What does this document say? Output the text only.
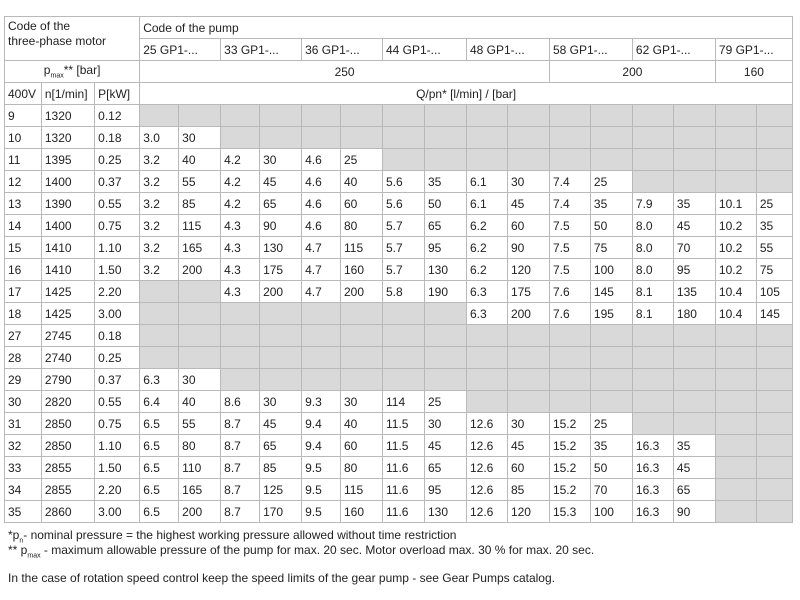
Code of the
three-phase motor			Code of the pump															
			25 GP1-...		33 GP1-...		36 GP1-...		44 GP1-...		48 GP1-...		58 GP1-...		62 GP1-...		79 GP1-...	
$p_{max}**$ [bar]			250										200				160	
400V	n[1/min]	P[kW]	Q/pn* [l/min] / [bar]															
9	1320	0.12																
10	1320	0.18	3.0	30														
11	1395	0.25	3.2	40	4.2	30	4.6	25										
12	1400	0.37	3.2	55	4.2	45	4.6	40	5.6	35	6.1	30	7.4	25				
13	1390	0.55	3.2	85	4.2	65	4.6	60	5.6	50	6.1	45	7.4	35	7.9	35	10.1	25
14	1400	0.75	3.2	115	4.3	90	4.6	80	5.7	65	6.2	60	7.5	50	8.0	45	10.2	35
15	1410	1.10	3.2	165	4.3	130	4.7	115	5.7	95	6.2	90	7.5	75	8.0	70	10.2	55
16	1410	1.50	3.2	200	4.3	175	4.7	160	5.7	130	6.2	120	7.5	100	8.0	95	10.2	75
17	1425	2.20			4.3	200	4.7	200	5.8	190	6.3	175	7.6	145	8.1	135	10.4	105
18	1425	3.00									6.3	200	7.6	195	8.1	180	10.4	145
27	2745	0.18																
28	2740	0.25																
29	2790	0.37	6.3	30														
30	2820	0.55	6.4	40	8.6	30	9.3	30	114	25								
31	2850	0.75	6.5	55	8.7	45	9.4	40	11.5	30	12.6	30	15.2	25				
32	2850	1.10	6.5	80	8.7	65	9.4	60	11.5	45	12.6	45	15.2	35	16.3	35		
33	2855	1.50	6.5	110	8.7	85	9.5	80	11.6	65	12.6	60	15.2	50	16.3	45		
34	2855	2.20	6.5	165	8.7	125	9.5	115	11.6	95	12.6	85	15.2	70	16.3	65		
35	2860	3.00	6.5	200	8.7	170	9.5	160	11.6	130	12.6	120	15.3	100	16.3	90		
$*p_n-$ nominal pressure = the highest working pressure allowed without time restriction
** $p_{max}$ - maximum allowable pressure of the pump for max. 20 sec. Motor overload max. 30 % for max. 20 sec.
In the case of rotation speed control keep the speed limits of the gear pump - see Gear Pumps catalog.
